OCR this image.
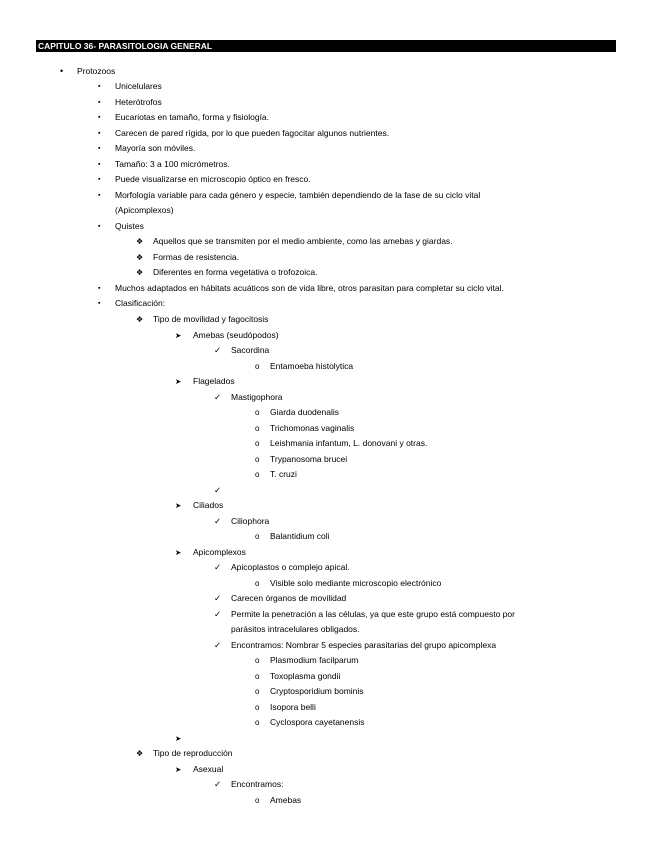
CAPITULO 36- PARASITOLOGIA GENERAL
• Protozoos
▪ Unicelulares
▪ Heterótrofos
▪ Eucariotas en tamaño, forma y fisiología.
▪ Carecen de pared rígida, por lo que pueden fagocitar algunos nutrientes.
▪ Mayoría son móviles.
▪ Tamaño: 3 a 100 micrómetros.
▪ Puede visualizarse en microscopio óptico en fresco.
▪ Morfología variable para cada género y especie, también dependiendo de la fase de su ciclo vital
(Apicomplexos)
▪ Quistes
❖ Aquellos que se transmiten por el medio ambiente, como las amebas y giardas.
❖ Formas de resistencia.
❖ Diferentes en forma vegetativa o trofozoica.
▪ Muchos adaptados en hábitats acuáticos son de vida libre, otros parasitan para completar su ciclo vital.
▪ Clasificación:
❖ Tipo de movilidad y fagocitosis
➤ Amebas (seudópodos)
✓ Sacordina
o Entamoeba histolytica
➤ Flagelados
✓ Mastigophora
o Giarda duodenalis
o Trichomonas vaginalis
o Leishmania infantum, L. donovani y otras.
o Trypanosoma brucei
o T. cruzi
✓
➤ Ciliados
✓ Ciliophora
o Balantidium coli
➤ Apicomplexos
✓ Apicoplastos o complejo apical.
o Visible solo mediante microscopio electrónico
✓ Carecen órganos de movilidad
✓ Permite la penetración a las células, ya que este grupo está compuesto por
parásitos intracelulares obligados.
✓ Encontramos: Nombrar 5 especies parasitarias del grupo apicomplexa
o Plasmodium facilparum
o Toxoplasma gondii
o Cryptosporidium bominis
o Isopora belli
o Cyclospora cayetanensis
➤
❖ Tipo de reproducción
➤ Asexual
✓ Encontramos:
o Amebas
